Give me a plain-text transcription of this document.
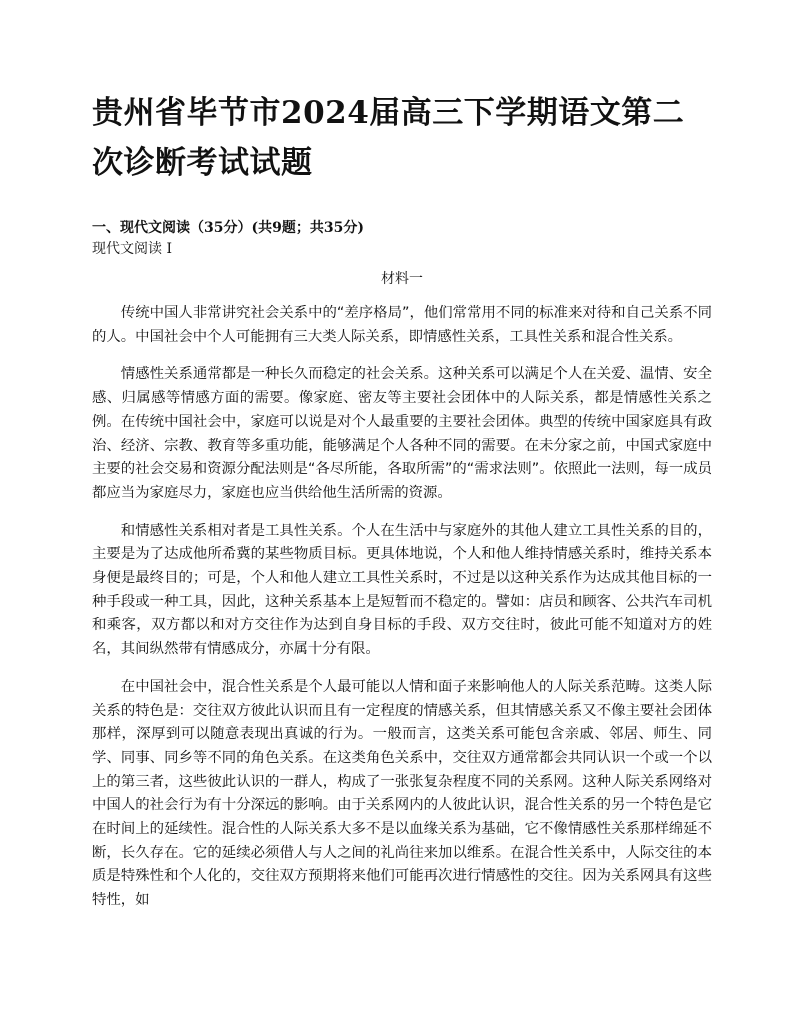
贵州省毕节市2024届高三下学期语文第二次诊断考试试题
一、现代文阅读（35分）(共9题；共35分)
现代文阅读 I
材料一

传统中国人非常讲究社会关系中的“差序格局”，他们常常用不同的标准来对待和自己关系不同的人。中国社会中个人可能拥有三大类人际关系，即情感性关系，工具性关系和混合性关系。

情感性关系通常都是一种长久而稳定的社会关系。这种关系可以满足个人在关爱、温情、安全感、归属感等情感方面的需要。像家庭、密友等主要社会团体中的人际关系，都是情感性关系之例。在传统中国社会中，家庭可以说是对个人最重要的主要社会团体。典型的传统中国家庭具有政治、经济、宗教、教育等多重功能，能够满足个人各种不同的需要。在未分家之前，中国式家庭中主要的社会交易和资源分配法则是“各尽所能，各取所需”的“需求法则”。依照此一法则，每一成员都应当为家庭尽力，家庭也应当供给他生活所需的资源。

和情感性关系相对者是工具性关系。个人在生活中与家庭外的其他人建立工具性关系的目的，主要是为了达成他所希冀的某些物质目标。更具体地说，个人和他人维持情感关系时，维持关系本身便是最终目的；可是，个人和他人建立工具性关系时，不过是以这种关系作为达成其他目标的一种手段或一种工具，因此，这种关系基本上是短暂而不稳定的。譬如：店员和顾客、公共汽车司机和乘客，双方都以和对方交往作为达到自身目标的手段、双方交往时，彼此可能不知道对方的姓名，其间纵然带有情感成分，亦属十分有限。

在中国社会中，混合性关系是个人最可能以人情和面子来影响他人的人际关系范畴。这类人际关系的特色是：交往双方彼此认识而且有一定程度的情感关系，但其情感关系又不像主要社会团体那样，深厚到可以随意表现出真诚的行为。一般而言，这类关系可能包含亲戚、邻居、师生、同学、同事、同乡等不同的角色关系。在这类角色关系中，交往双方通常都会共同认识一个或一个以上的第三者，这些彼此认识的一群人，构成了一张张复杂程度不同的关系网。这种人际关系网络对中国人的社会行为有十分深远的影响。由于关系网内的人彼此认识，混合性关系的另一个特色是它在时间上的延续性。混合性的人际关系大多不是以血缘关系为基础，它不像情感性关系那样绵延不断，长久存在。它的延续必须借人与人之间的礼尚往来加以维系。在混合性关系中，人际交往的本质是特殊性和个人化的，交往双方预期将来他们可能再次进行情感性的交往。因为关系网具有这些特性，如
